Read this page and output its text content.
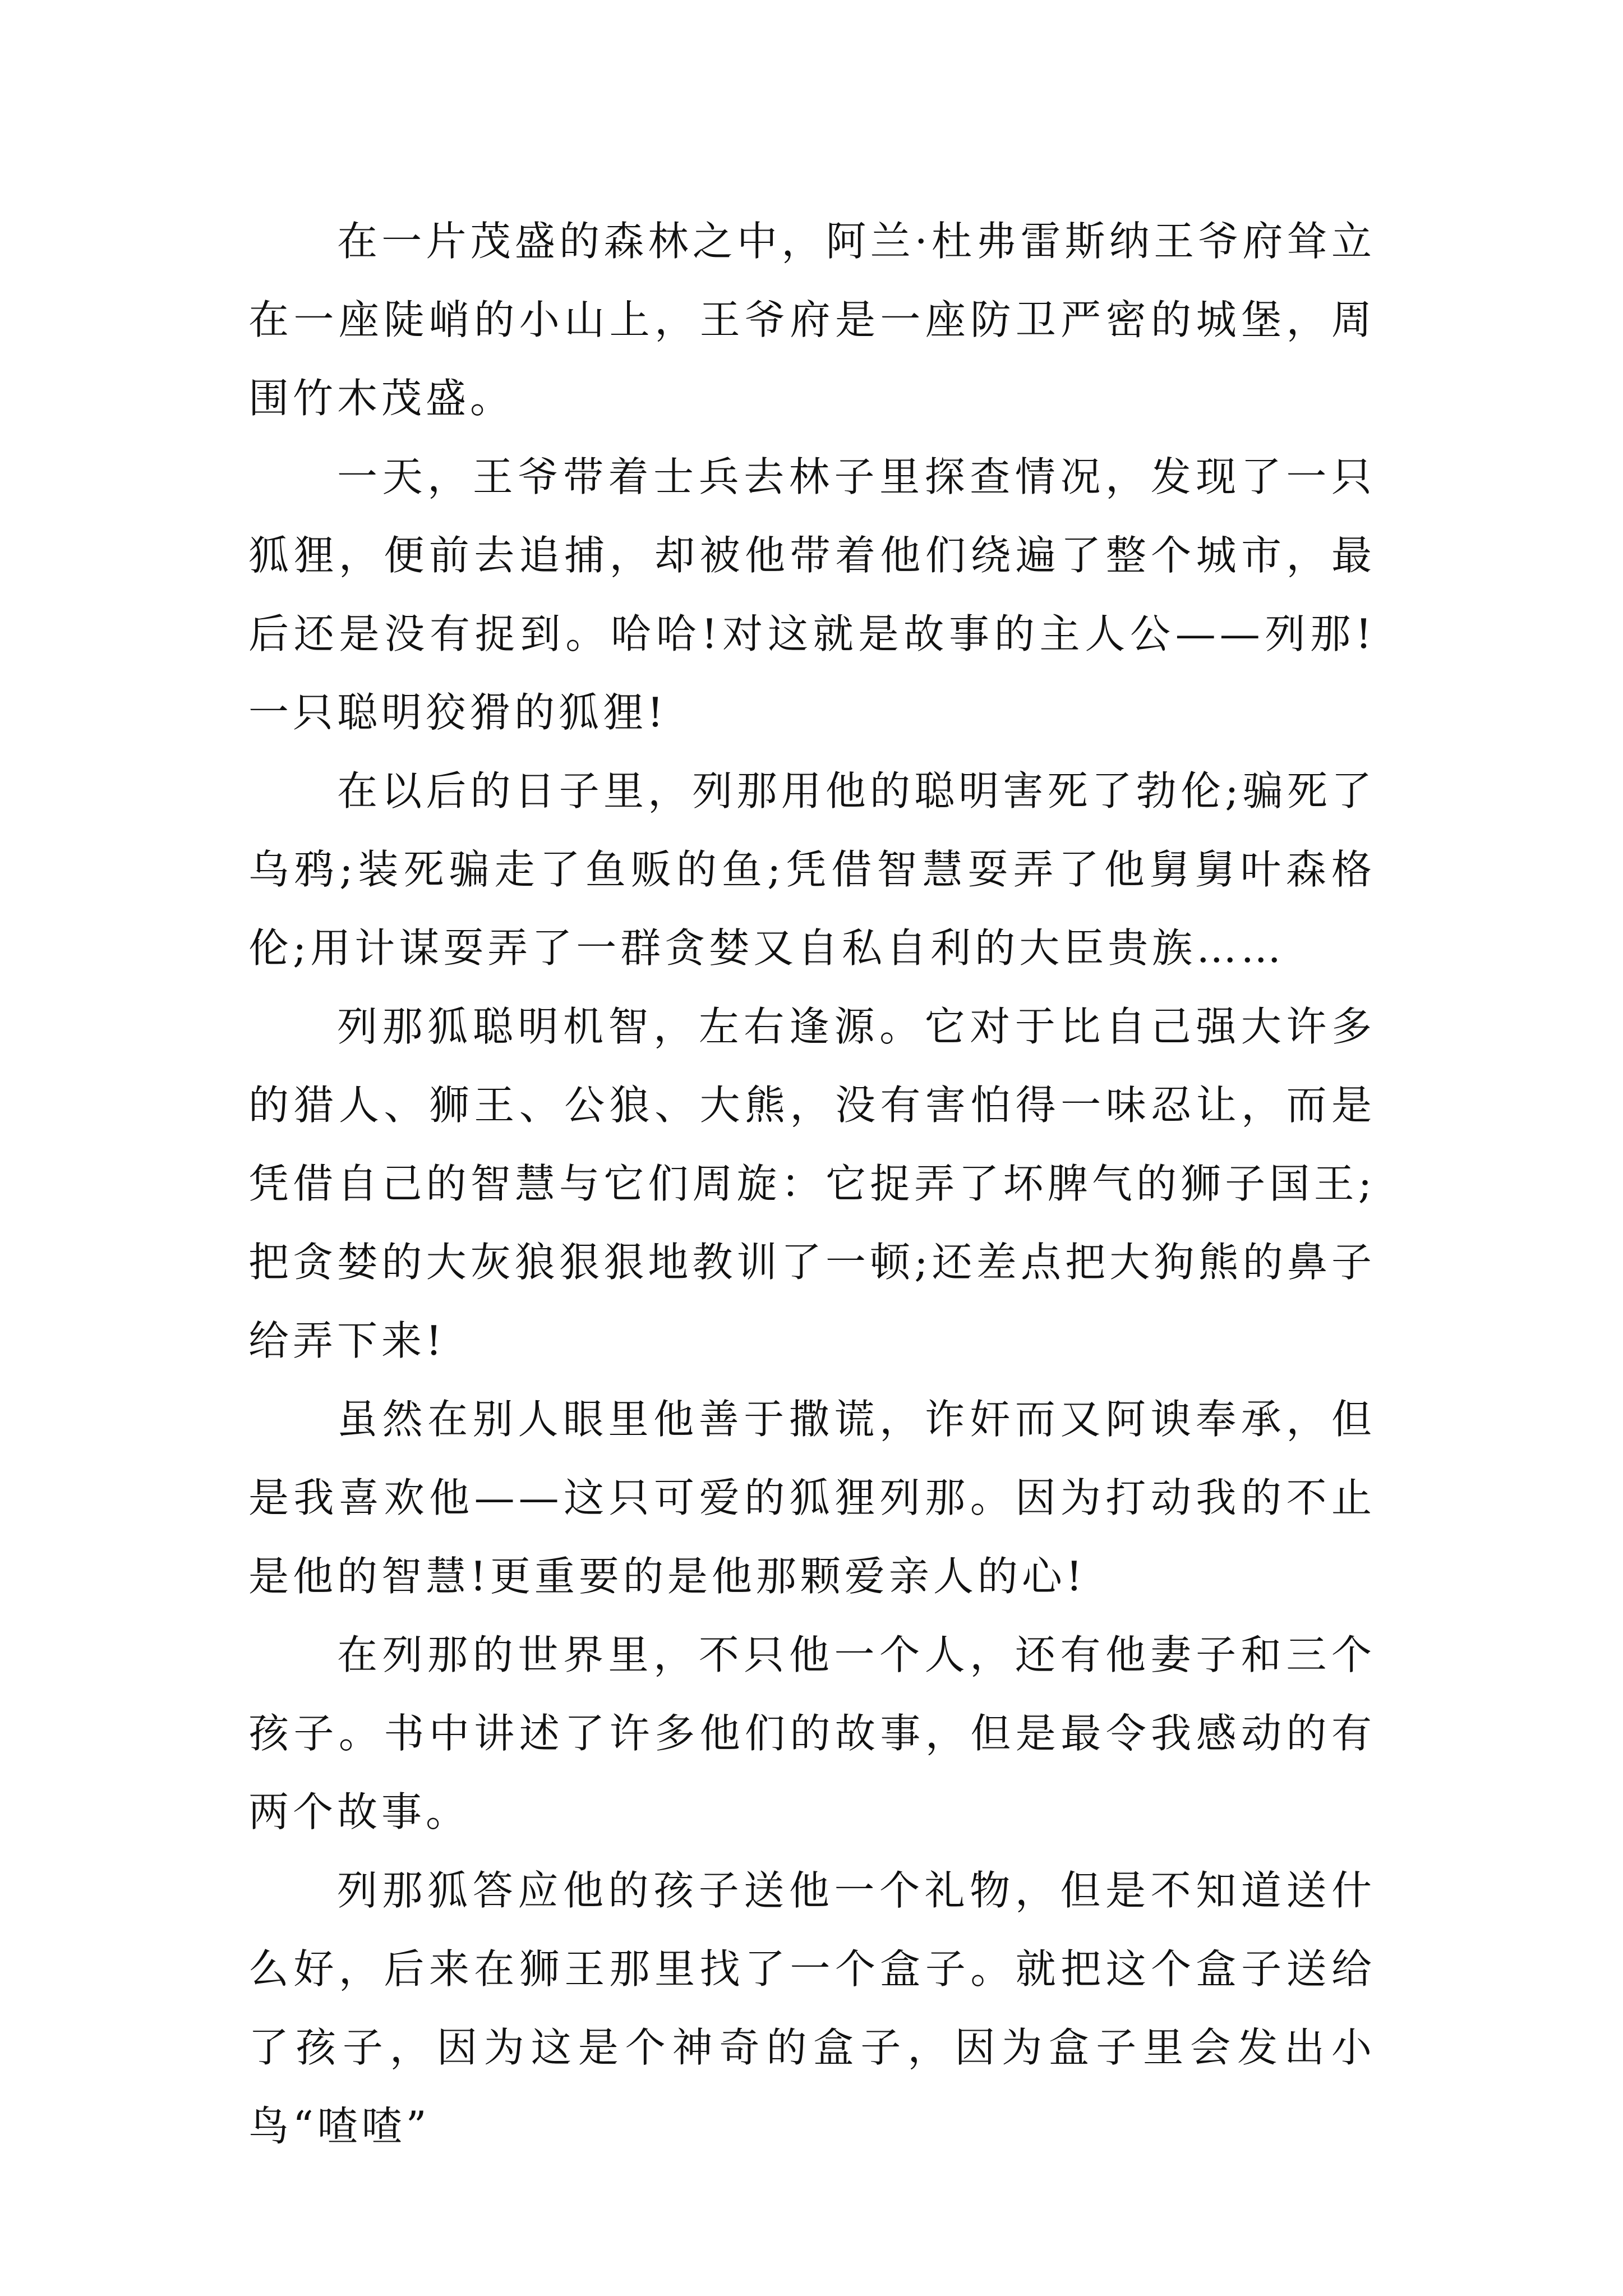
在一片茂盛的森林之中，阿兰·杜弗雷斯纳王爷府耸立在一座陡峭的小山上，王爷府是一座防卫严密的城堡，周围竹木茂盛。

一天，王爷带着士兵去林子里探查情况，发现了一只狐狸，便前去追捕，却被他带着他们绕遍了整个城市，最后还是没有捉到。哈哈!对这就是故事的主人公——列那!一只聪明狡猾的狐狸!

在以后的日子里，列那用他的聪明害死了勃伦;骗死了乌鸦;装死骗走了鱼贩的鱼;凭借智慧耍弄了他舅舅叶森格伦;用计谋耍弄了一群贪婪又自私自利的大臣贵族……

列那狐聪明机智，左右逢源。它对于比自己强大许多的猎人、狮王、公狼、大熊，没有害怕得一味忍让，而是凭借自己的智慧与它们周旋：它捉弄了坏脾气的狮子国王;把贪婪的大灰狼狠狠地教训了一顿;还差点把大狗熊的鼻子给弄下来!

虽然在别人眼里他善于撒谎，诈奸而又阿谀奉承，但是我喜欢他——这只可爱的狐狸列那。因为打动我的不止是他的智慧!更重要的是他那颗爱亲人的心!

在列那的世界里，不只他一个人，还有他妻子和三个孩子。书中讲述了许多他们的故事，但是最令我感动的有两个故事。

列那狐答应他的孩子送他一个礼物，但是不知道送什么好，后来在狮王那里找了一个盒子。就把这个盒子送给了孩子，因为这是个神奇的盒子，因为盒子里会发出小鸟“喳喳”
